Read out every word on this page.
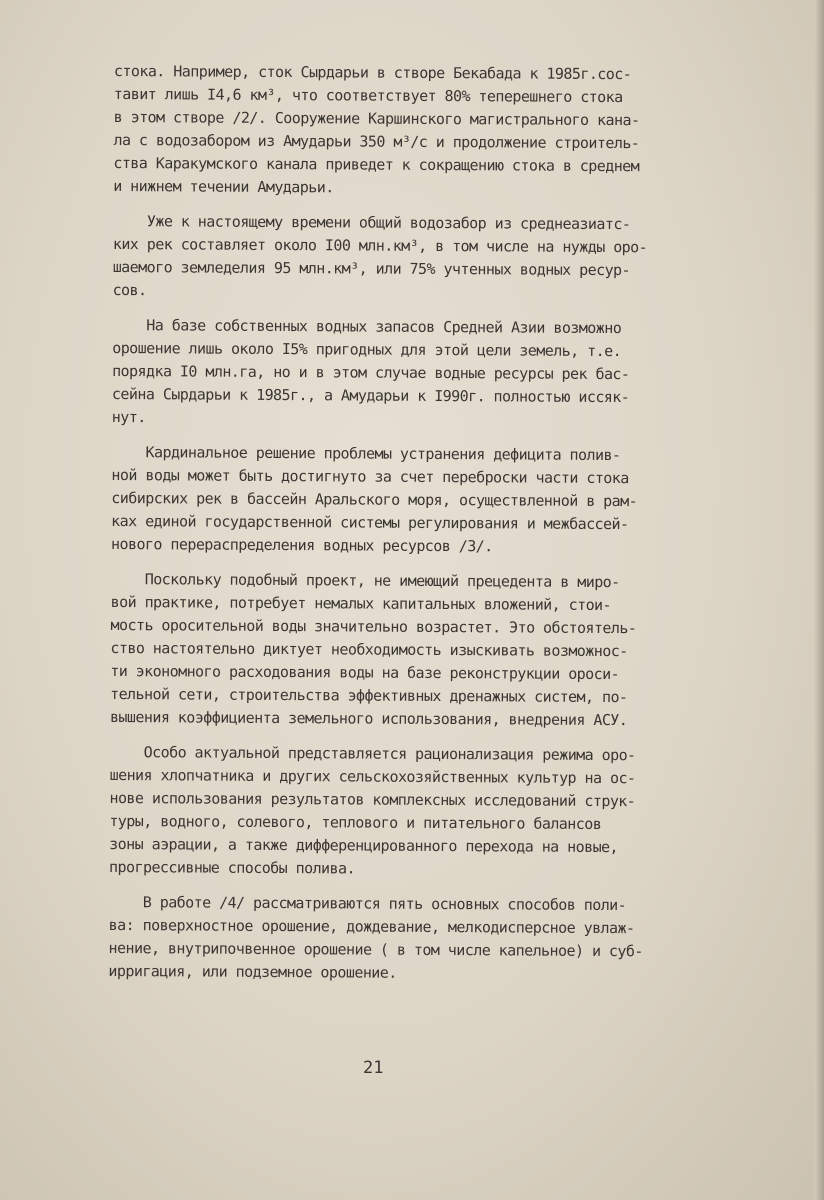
стока. Например, сток Сырдарьи в створе Бекабада к 1985г.сос-
тавит лишь I4,6 км³, что соответствует 80% теперешнего стока
в этом створе /2/. Сооружение Каршинского магистрального кана-
ла с водозабором из Амударьи 350 м³/с и продолжение строитель-
ства Каракумского канала приведет к сокращению стока в среднем
и нижнем течении Амударьи.

Уже к настоящему времени общий водозабор из среднеазиатс-
ких рек составляет около I00 млн.км³, в том числе на нужды оро-
шаемого земледелия 95 млн.км³, или 75% учтенных водных ресур-
сов.

На базе собственных водных запасов Средней Азии возможно
орошение лишь около I5% пригодных для этой цели земель, т.е.
порядка I0 млн.га, но и в этом случае водные ресурсы рек бас-
сейна Сырдарьи к 1985г., а Амударьи к I990г. полностью иссяк-
нут.

Кардинальное решение проблемы устранения дефицита полив-
ной воды может быть достигнуто за счет переброски части стока
сибирских рек в бассейн Аральского моря, осуществленной в рам-
ках единой государственной системы регулирования и межбассей-
нового перераспределения водных ресурсов /3/.

Поскольку подобный проект, не имеющий прецедента в миро-
вой практике, потребует немалых капитальных вложений, стои-
мость оросительной воды значительно возрастет. Это обстоятель-
ство настоятельно диктует необходимость изыскивать возможнос-
ти экономного расходования воды на базе реконструкции ороси-
тельной сети, строительства эффективных дренажных систем, по-
вышения коэффициента земельного использования, внедрения АСУ.

Особо актуальной представляется рационализация режима оро-
шения хлопчатника и других сельскохозяйственных культур на ос-
нове использования результатов комплексных исследований струк-
туры, водного, солевого, теплового и питательного балансов
зоны аэрации, а также дифференцированного перехода на новые,
прогрессивные способы полива.

В работе /4/ рассматриваются пять основных способов поли-
ва: поверхностное орошение, дождевание, мелкодисперсное увлаж-
нение, внутрипочвенное орошение ( в том числе капельное) и суб-
ирригация, или подземное орошение.

21
